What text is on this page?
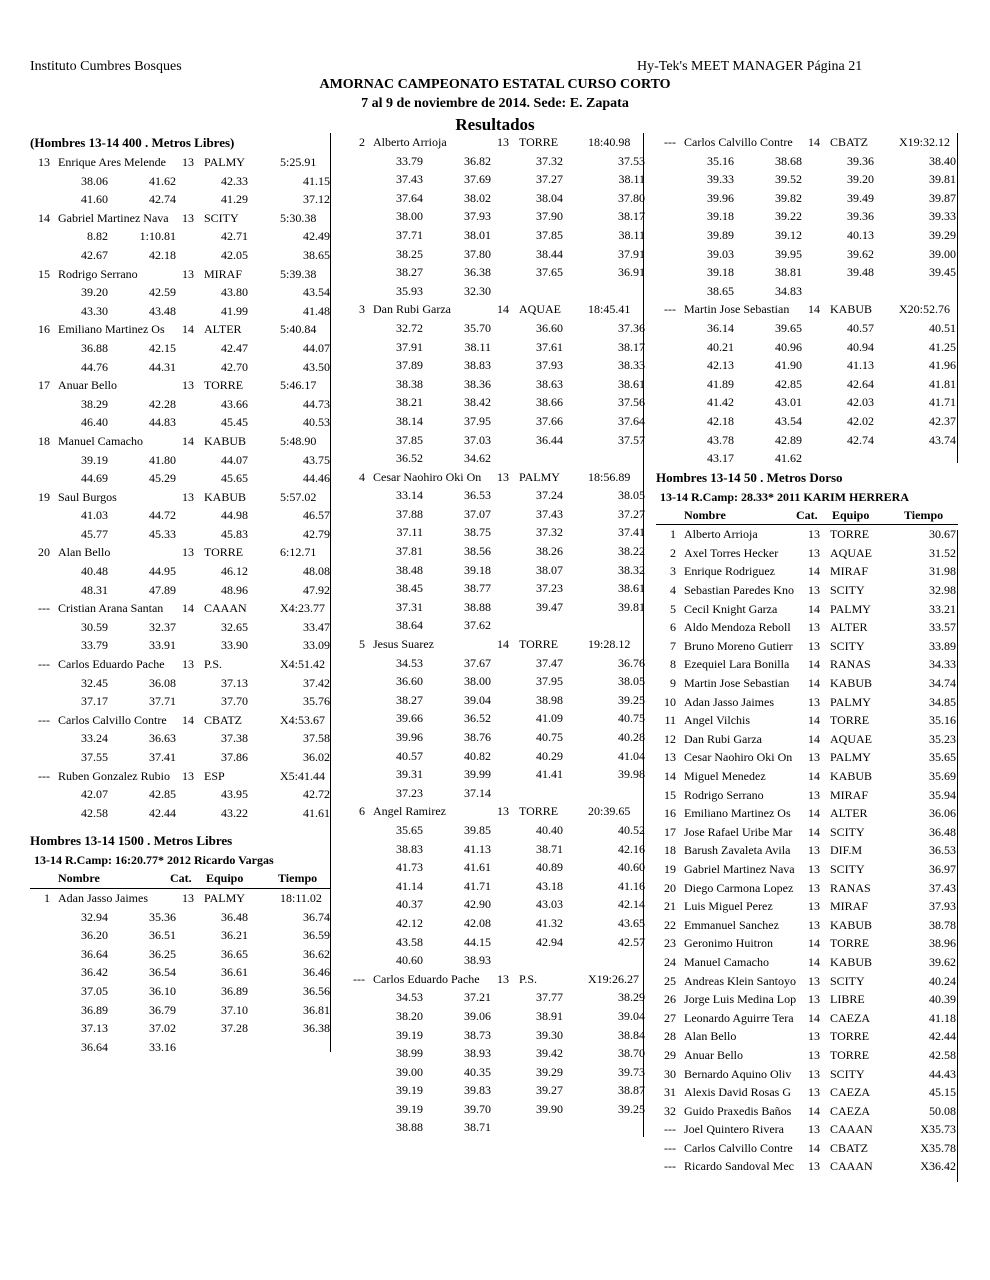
Instituto Cumbres Bosques	Hy-Tek's MEET MANAGER Página 21
AMORNAC CAMPEONATO ESTATAL CURSO CORTO
7 al 9 de noviembre de 2014. Sede: E. Zapata
Resultados
(Hombres 13-14 400 . Metros Libres)
13 Enrique Ares Melende	13 PALMY	5:25.91
38.06	41.62	42.33	41.15
41.60	42.74	41.29	37.12
14 Gabriel Martinez Nava	13 SCITY	5:30.38
8.82	1:10.81	42.71	42.49
42.67	42.18	42.05	38.65
15 Rodrigo Serrano	13 MIRAF	5:39.38
39.20	42.59	43.80	43.54
43.30	43.48	41.99	41.48
16 Emiliano Martinez Os	14 ALTER	5:40.84
36.88	42.15	42.47	44.07
44.76	44.31	42.70	43.50
17 Anuar Bello	13 TORRE	5:46.17
38.29	42.28	43.66	44.73
46.40	44.83	45.45	40.53
18 Manuel Camacho	14 KABUB	5:48.90
39.19	41.80	44.07	43.75
44.69	45.29	45.65	44.46
19 Saul Burgos	13 KABUB	5:57.02
41.03	44.72	44.98	46.57
45.77	45.33	45.83	42.79
20 Alan Bello	13 TORRE	6:12.71
40.48	44.95	46.12	48.08
48.31	47.89	48.96	47.92
--- Cristian Arana Santan	14 CAAAN	X4:23.77
30.59	32.37	32.65	33.47
33.79	33.91	33.90	33.09
--- Carlos Eduardo Pache	13 P.S.	X4:51.42
32.45	36.08	37.13	37.42
37.17	37.71	37.70	35.76
--- Carlos Calvillo Contre	14 CBATZ	X4:53.67
33.24	36.63	37.38	37.58
37.55	37.41	37.86	36.02
--- Ruben Gonzalez Rubio	13 ESP	X5:41.44
42.07	42.85	43.95	42.72
42.58	42.44	43.22	41.61
Hombres 13-14 1500 . Metros Libres
13-14 R.Camp: 16:20.77* 2012 Ricardo Vargas
Nombre	Cat. Equipo	Tiempo
1 Adan Jasso Jaimes	13 PALMY	18:11.02
32.94	35.36	36.48	36.74
36.20	36.51	36.21	36.59
36.64	36.25	36.65	36.62
36.42	36.54	36.61	36.46
37.05	36.10	36.89	36.56
36.89	36.79	37.10	36.81
37.13	37.02	37.28	36.38
36.64	33.16
2 Alberto Arrioja	13 TORRE 18:40.98
33.79	36.82	37.32	37.53
37.43	37.69	37.27	38.11
37.64	38.02	38.04	37.80
38.00	37.93	37.90	38.17
37.71	38.01	37.85	38.11
38.25	37.80	38.44	37.91
38.27	36.38	37.65	36.91
35.93	32.30
3 Dan Rubi Garza	14 AQUAE 18:45.41
32.72	35.70	36.60	37.36
37.91	38.11	37.61	38.17
37.89	38.83	37.93	38.33
38.38	38.36	38.63	38.61
38.21	38.42	38.66	37.56
38.14	37.95	37.66	37.64
37.85	37.03	36.44	37.57
36.52	34.62
4 Cesar Naohiro Oki On	13 PALMY 18:56.89
33.14	36.53	37.24	38.05
37.88	37.07	37.43	37.27
37.11	38.75	37.32	37.41
37.81	38.56	38.26	38.22
38.48	39.18	38.07	38.32
38.45	38.77	37.23	38.61
37.31	38.88	39.47	39.81
38.64	37.62
5 Jesus Suarez	14 TORRE 19:28.12
34.53	37.67	37.47	36.76
36.60	38.00	37.95	38.05
38.27	39.04	38.98	39.25
39.66	36.52	41.09	40.75
39.96	38.76	40.75	40.28
40.57	40.82	40.29	41.04
39.31	39.99	41.41	39.98
37.23	37.14
6 Angel Ramirez	13 TORRE 20:39.65
35.65	39.85	40.40	40.52
38.83	41.13	38.71	42.16
41.73	41.61	40.89	40.60
41.14	41.71	43.18	41.16
40.37	42.90	43.03	42.14
42.12	42.08	41.32	43.65
43.58	44.15	42.94	42.57
40.60	38.93
--- Carlos Eduardo Pache	13 P.S.	X19:26.27
34.53	37.21	37.77	38.29
38.20	39.06	38.91	39.04
39.19	38.73	39.30	38.84
38.99	38.93	39.42	38.70
39.00	40.35	39.29	39.73
39.19	39.83	39.27	38.87
39.19	39.70	39.90	39.25
38.88	38.71
--- Carlos Calvillo Contre	14 CBATZ	X19:32.12
35.16	38.68	39.36	38.40
39.33	39.52	39.20	39.81
39.96	39.82	39.49	39.87
39.18	39.22	39.36	39.33
39.89	39.12	40.13	39.29
39.03	39.95	39.62	39.00
39.18	38.81	39.48	39.45
38.65	34.83
--- Martin Jose Sebastian	14 KABUB X20:52.76
36.14	39.65	40.57	40.51
40.21	40.96	40.94	41.25
42.13	41.90	41.13	41.96
41.89	42.85	42.64	41.81
41.42	43.01	42.03	41.71
42.18	43.54	42.02	42.37
43.78	42.89	42.74	43.74
43.17	41.62
Hombres 13-14 50 . Metros Dorso
13-14 R.Camp: 28.33* 2011 KARIM HERRERA
Nombre	Cat. Equipo	Tiempo
1 Alberto Arrioja	13 TORRE	30.67
2 Axel Torres Hecker	13 AQUAE	31.52
3 Enrique Rodriguez	14 MIRAF	31.98
4 Sebastian Paredes Kno	13 SCITY	32.98
5 Cecil Knight Garza	14 PALMY	33.21
6 Aldo Mendoza Reboll	13 ALTER	33.57
7 Bruno Moreno Gutierr	13 SCITY	33.89
8 Ezequiel Lara Bonilla	14 RANAS	34.33
9 Martin Jose Sebastian	14 KABUB	34.74
10 Adan Jasso Jaimes	13 PALMY	34.85
11 Angel Vilchis	14 TORRE	35.16
12 Dan Rubi Garza	14 AQUAE	35.23
13 Cesar Naohiro Oki On	13 PALMY	35.65
14 Miguel Menedez	14 KABUB	35.69
15 Rodrigo Serrano	13 MIRAF	35.94
16 Emiliano Martinez Os	14 ALTER	36.06
17 Jose Rafael Uribe Mar	14 SCITY	36.48
18 Barush Zavaleta Avila	13 DIF.M	36.53
19 Gabriel Martinez Nava	13 SCITY	36.97
20 Diego Carmona Lopez	13 RANAS	37.43
21 Luis Miguel Perez	13 MIRAF	37.93
22 Emmanuel Sanchez	13 KABUB	38.78
23 Geronimo Huitron	14 TORRE	38.96
24 Manuel Camacho	14 KABUB	39.62
25 Andreas Klein Santoyo	13 SCITY	40.24
26 Jorge Luis Medina Lop 13 LIBRE	40.39
27 Leonardo Aguirre Tera	14 CAEZA	41.18
28 Alan Bello	13 TORRE	42.44
29 Anuar Bello	13 TORRE	42.58
30 Bernardo Aquino Oliv	13 SCITY	44.43
31 Alexis David Rosas G	13 CAEZA	45.15
32 Guido Praxedis Baños	14 CAEZA	50.08
--- Joel Quintero Rivera	13 CAAAN	X35.73
--- Carlos Calvillo Contre	14 CBATZ	X35.78
--- Ricardo Sandoval Mec	13 CAAAN	X36.42
